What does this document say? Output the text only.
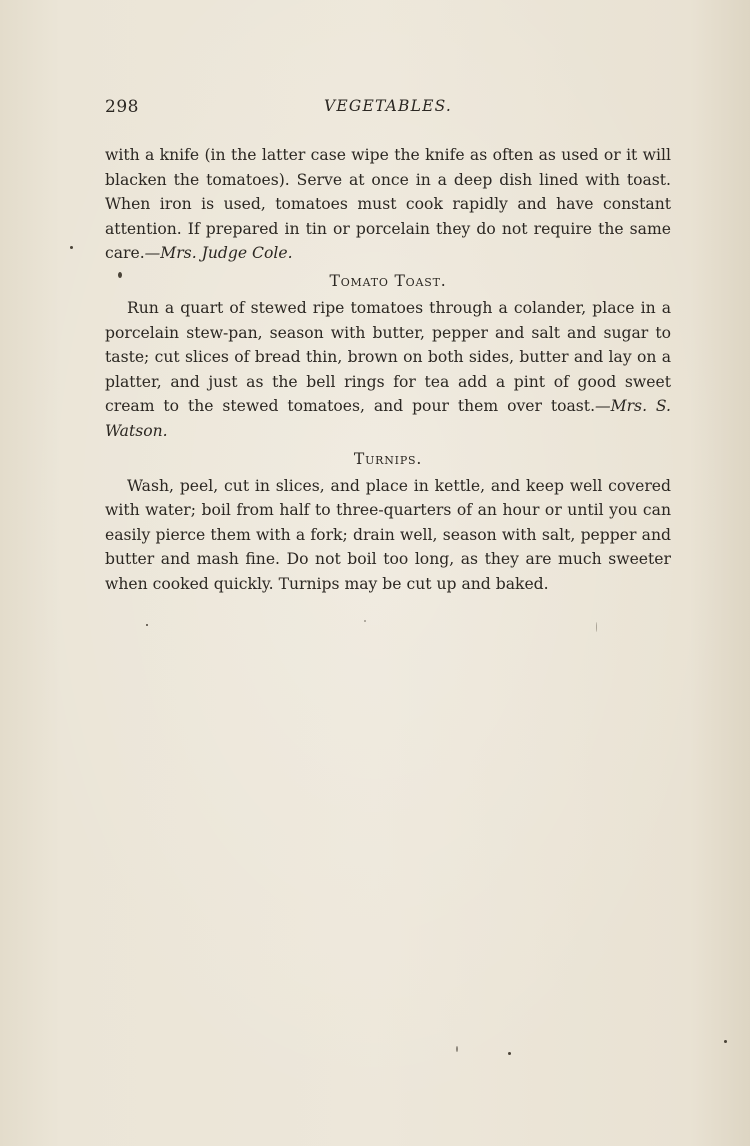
298	VEGETABLES.

with a knife (in the latter case wipe the knife as often as used or it will blacken the tomatoes). Serve at once in a deep dish lined with toast. When iron is used, tomatoes must cook rapidly and have constant attention. If prepared in tin or porcelain they do not require the same care.—Mrs. Judge Cole.

Tomato Toast.

Run a quart of stewed ripe tomatoes through a colander, place in a porcelain stew-pan, season with butter, pepper and salt and sugar to taste; cut slices of bread thin, brown on both sides, butter and lay on a platter, and just as the bell rings for tea add a pint of good sweet cream to the stewed tomatoes, and pour them over toast.—Mrs. S. Watson.

Turnips.

Wash, peel, cut in slices, and place in kettle, and keep well covered with water; boil from half to three-quarters of an hour or until you can easily pierce them with a fork; drain well, season with salt, pepper and butter and mash fine. Do not boil too long, as they are much sweeter when cooked quickly. Turnips may be cut up and baked.
